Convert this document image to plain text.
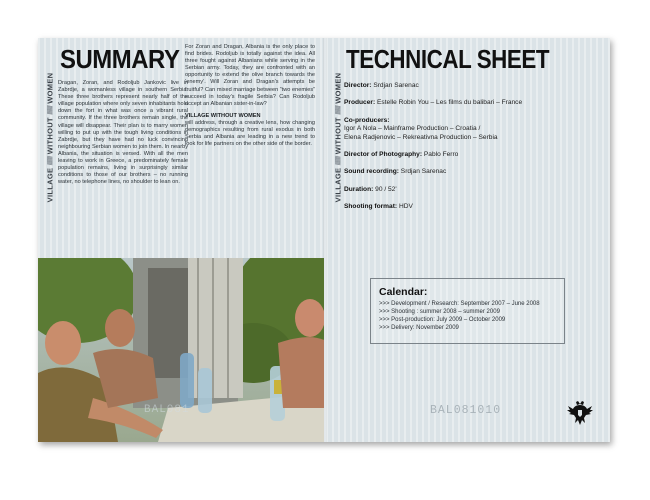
VILLAGE //////// WITHOUT //////// WOMEN
SUMMARY
Dragan, Zoran, and Rodoljub Jankovic live in Zabrdje, a womanless village in southern Serbia. These three brothers represent nearly half of the village population where only seven inhabitants hold down the fort in what was once a vibrant rural community. If the three brothers remain single, the village will disappear. Their plan is to marry women willing to put up with the tough living conditions in Zabrdje, but they have had no luck convincing neighbouring Serbian women to join them. In nearby Albania, the situation is versed. With all the men leaving to work in Greece, a predominately female population remains, living in surprisingly similar conditions to those of our brothers – no running water, no telephone lines, no shoulder to lean on.
For Zoran and Dragan, Albania is the only place to find brides. Rodoljub is totally against the idea. All three fought against Albanians while serving in the Serbian army. Today, they are confronted with an opportunity to extend the olive branch towards the ‘enemy’. Will Zoran and Dragan’s attempts be fruitful? Can mixed marriage between “two enemies” succeed in today’s fragile Serbia? Can Rodoljub accept an Albanian sister-in-law?
VILLAGE WITHOUT WOMEN
will address, through a creative lens, how changing demographics resulting from rural exodus in both Serbia and Albania are leading in a new trend to look for life partners on the other side of the border.
BAL081
VILLAGE //////// WITHOUT //////// WOMEN
TECHNICAL SHEET

Director: Srdjan Sarenac

Producer: Estelle Robin You – Les films du balibari – France

Co-producers:
Igor A Nola – Mainframe Production – Croatia /
Elena Radjenovic – Rekreativna Production – Serbia

Director of Photography: Pablo Ferro

Sound recording: Srdjan Sarenac

Duration: 90 / 52'

Shooting format: HDV

Calendar:
>>> Development / Research: September 2007 – June 2008
>>> Shooting : summer 2008 – summer 2009
>>> Post-production: July 2009 – October 2009
>>> Delivery: November 2009
BAL081010
